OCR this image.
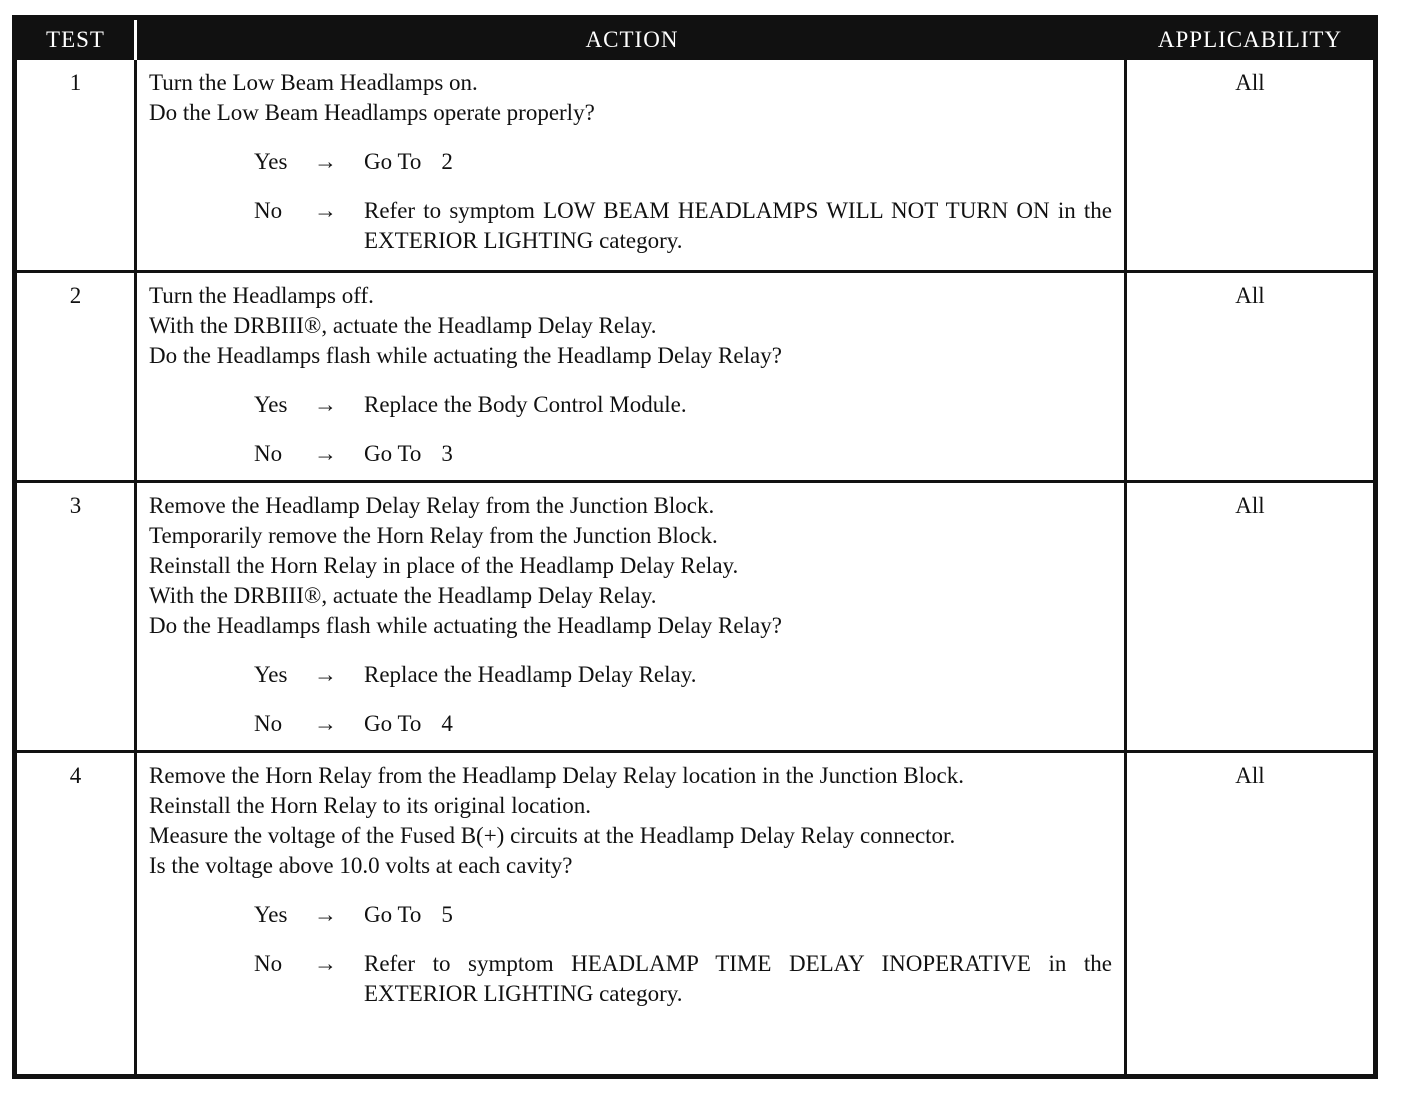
TEST	ACTION	APPLICABILITY
1	Turn the Low Beam Headlamps on.
Do the Low Beam Headlamps operate properly?
Yes	→	Go To 2
No	→	Refer to symptom LOW BEAM HEADLAMPS WILL NOT TURN ON in the EXTERIOR LIGHTING category.
All
2	Turn the Headlamps off.
With the DRBIII®, actuate the Headlamp Delay Relay.
Do the Headlamps flash while actuating the Headlamp Delay Relay?
Yes	→	Replace the Body Control Module.
No	→	Go To 3
All
3	Remove the Headlamp Delay Relay from the Junction Block.
Temporarily remove the Horn Relay from the Junction Block.
Reinstall the Horn Relay in place of the Headlamp Delay Relay.
With the DRBIII®, actuate the Headlamp Delay Relay.
Do the Headlamps flash while actuating the Headlamp Delay Relay?
Yes	→	Replace the Headlamp Delay Relay.
No	→	Go To 4
All
4	Remove the Horn Relay from the Headlamp Delay Relay location in the Junction Block.
Reinstall the Horn Relay to its original location.
Measure the voltage of the Fused B(+) circuits at the Headlamp Delay Relay connector.
Is the voltage above 10.0 volts at each cavity?
Yes	→	Go To 5
No	→	Refer to symptom HEADLAMP TIME DELAY INOPERATIVE in the EXTERIOR LIGHTING category.
All
